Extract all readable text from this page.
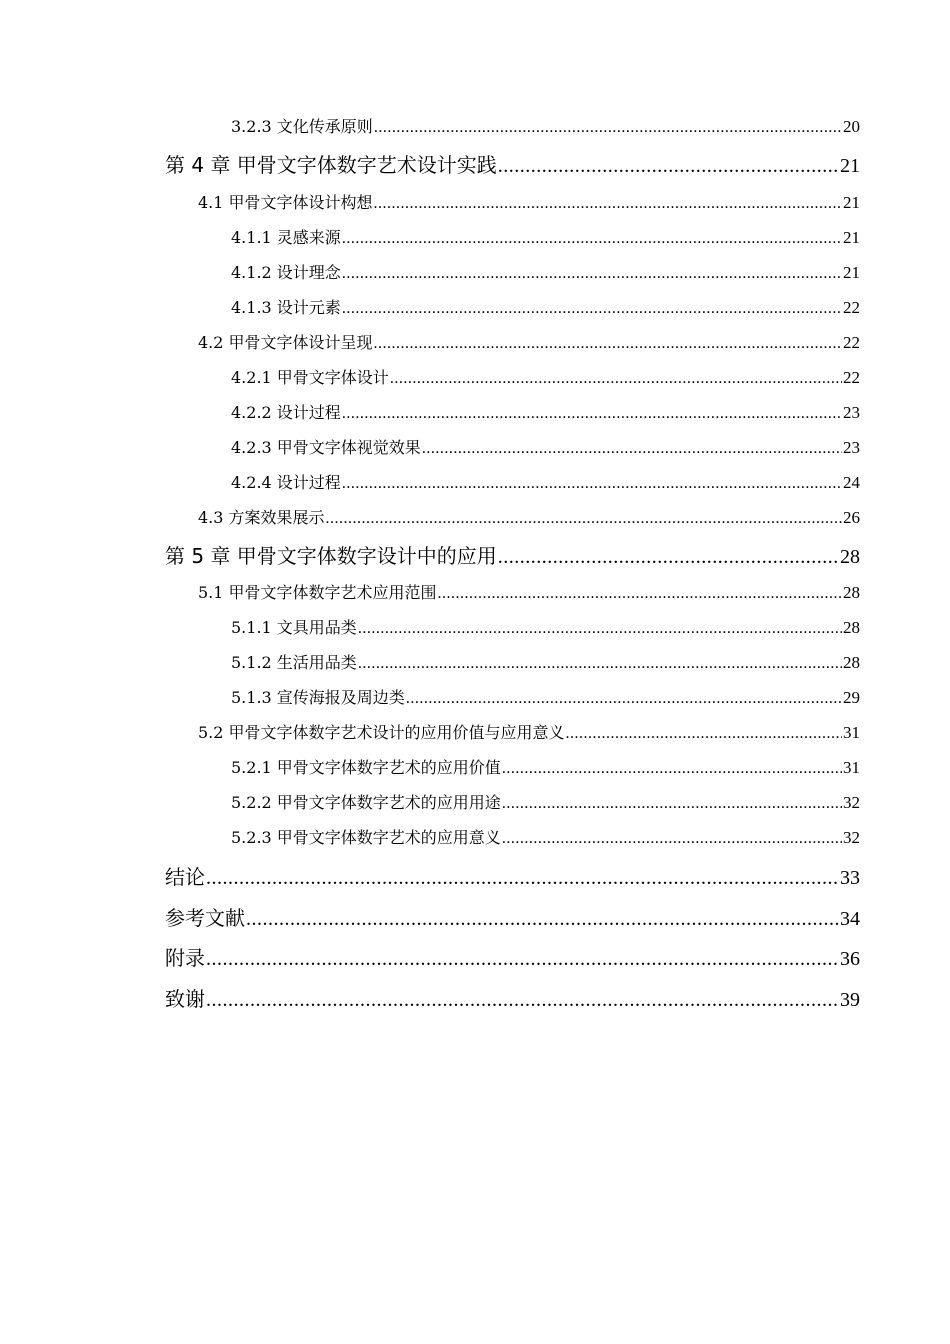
3.2.3 文化传承原则 .....	20
第 4 章 甲骨文字体数字艺术设计实践 .....	21
4.1 甲骨文字体设计构想 .....	21
4.1.1 灵感来源 .....	21
4.1.2 设计理念 .....	21
4.1.3 设计元素 .....	22
4.2 甲骨文字体设计呈现 .....	22
4.2.1 甲骨文字体设计 .....	22
4.2.2 设计过程 .....	23
4.2.3 甲骨文字体视觉效果 .....	23
4.2.4 设计过程 .....	24
4.3 方案效果展示 .....	26
第 5 章 甲骨文字体数字设计中的应用 .....	28
5.1 甲骨文字体数字艺术应用范围 .....	28
5.1.1 文具用品类 .....	28
5.1.2 生活用品类 .....	28
5.1.3 宣传海报及周边类 .....	29
5.2 甲骨文字体数字艺术设计的应用价值与应用意义 .....	31
5.2.1 甲骨文字体数字艺术的应用价值 .....	31
5.2.2 甲骨文字体数字艺术的应用用途 .....	32
5.2.3 甲骨文字体数字艺术的应用意义 .....	32
结论 .....	33
参考文献 .....	34
附录 .....	36
致谢 .....	39
